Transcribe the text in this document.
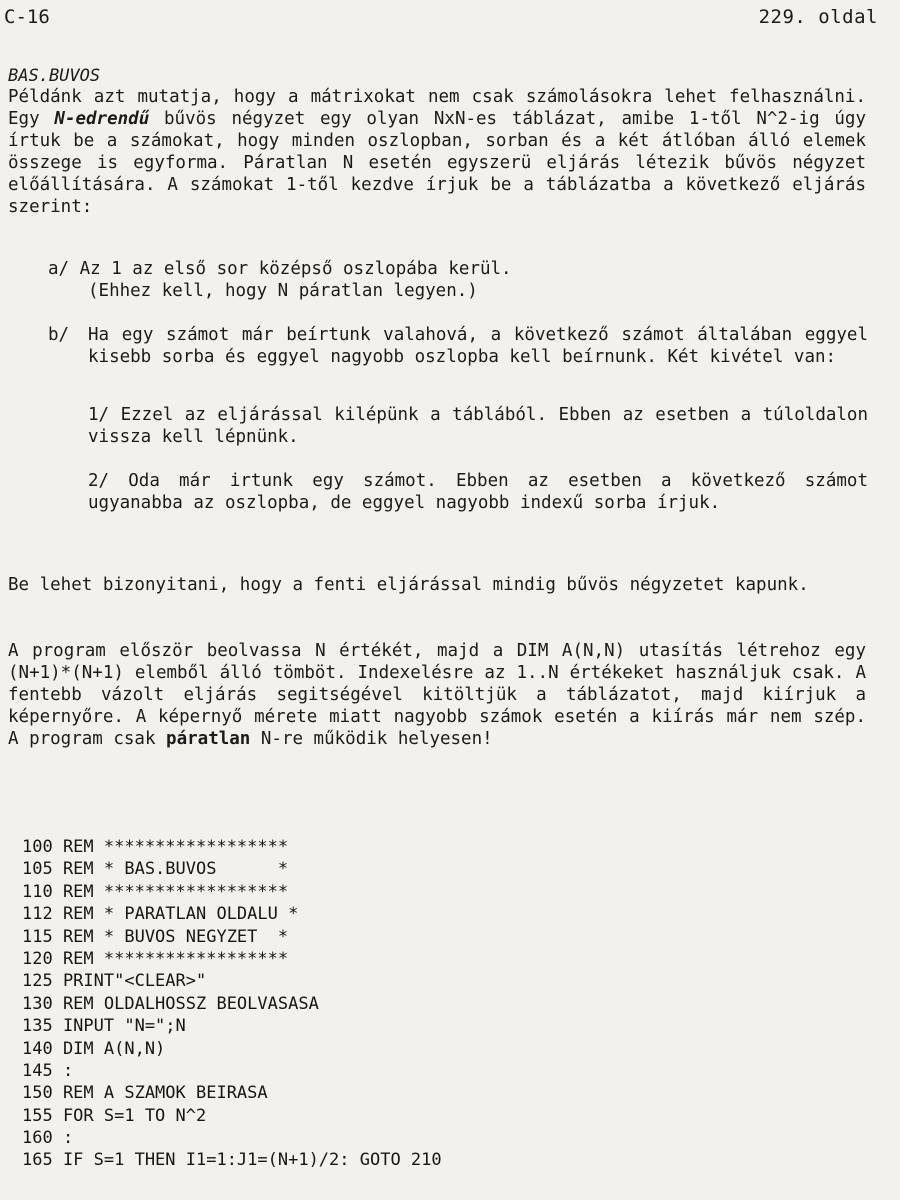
C-16	229. oldal
BAS.BUVOS

Példánk azt mutatja, hogy a mátrixokat nem csak számolásokra lehet felhasználni. Egy N-edrendű bűvös négyzet egy olyan NxN-es táblázat, amibe 1-től N^2-ig úgy írtuk be a számokat, hogy minden oszlopban, sorban és a két átlóban álló elemek összege is egyforma. Páratlan N esetén egyszerü eljárás létezik bűvös négyzet előállítására. A számokat 1-től kezdve írjuk be a táblázatba a következő eljárás szerint:

a/ Az 1 az első sor középső oszlopába kerül.

(Ehhez kell, hogy N páratlan legyen.)

b/	Ha egy számot már beírtunk valahová, a következő számot általában eggyel kisebb sorba és eggyel nagyobb oszlopba kell beírnunk. Két kivétel van:

1/ Ezzel az eljárással kilépünk a táblából. Ebben az esetben a túloldalon vissza kell lépnünk.

2/ Oda már irtunk egy számot. Ebben az esetben a következő számot ugyanabba az oszlopba, de eggyel nagyobb indexű sorba írjuk.

Be lehet bizonyitani, hogy a fenti eljárással mindig bűvös négyzetet kapunk.

A program először beolvassa N értékét, majd a DIM A(N,N) utasítás létrehoz egy (N+1)*(N+1) elemből álló tömböt. Indexelésre az 1..N értékeket használjuk csak. A fentebb vázolt eljárás segitségével kitöltjük a táblázatot, majd kiírjuk a képernyőre. A képernyő mérete miatt nagyobb számok esetén a kiírás már nem szép. A program csak páratlan N-re működik helyesen!

100 REM ******************
105 REM * BAS.BUVOS      *
110 REM ******************
112 REM * PARATLAN OLDALU *
115 REM * BUVOS NEGYZET  *
120 REM ******************
125 PRINT"<CLEAR>"
130 REM OLDALHOSSZ BEOLVASASA
135 INPUT "N=";N
140 DIM A(N,N)
145 :
150 REM A SZAMOK BEIRASA
155 FOR S=1 TO N^2
160 :
165 IF S=1 THEN I1=1:J1=(N+1)/2: GOTO 210
